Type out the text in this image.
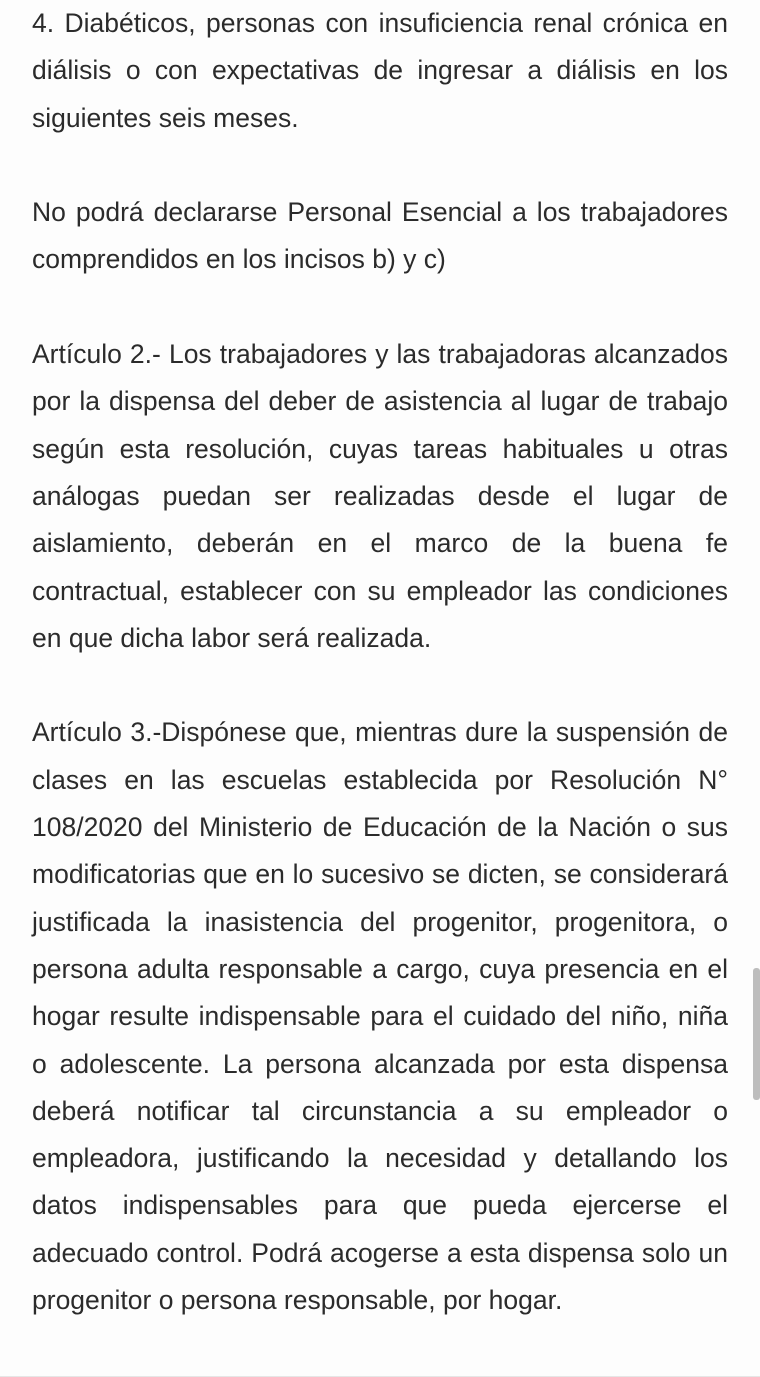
4. Diabéticos, personas con insuficiencia renal crónica en diálisis o con expectativas de ingresar a diálisis en los siguientes seis meses.

No podrá declararse Personal Esencial a los trabajadores comprendidos en los incisos b) y c)

Artículo 2.- Los trabajadores y las trabajadoras alcanzados por la dispensa del deber de asistencia al lugar de trabajo según esta resolución, cuyas tareas habituales u otras análogas puedan ser realizadas desde el lugar de aislamiento, deberán en el marco de la buena fe contractual, establecer con su empleador las condiciones en que dicha labor será realizada.

Artículo 3.-Dispónese que, mientras dure la suspensión de clases en las escuelas establecida por Resolución N° 108/2020 del Ministerio de Educación de la Nación o sus modificatorias que en lo sucesivo se dicten, se considerará justificada la inasistencia del progenitor, progenitora, o persona adulta responsable a cargo, cuya presencia en el hogar resulte indispensable para el cuidado del niño, niña o adolescente. La persona alcanzada por esta dispensa deberá notificar tal circunstancia a su empleador o empleadora, justificando la necesidad y detallando los datos indispensables para que pueda ejercerse el adecuado control. Podrá acogerse a esta dispensa solo un progenitor o persona responsable, por hogar.
